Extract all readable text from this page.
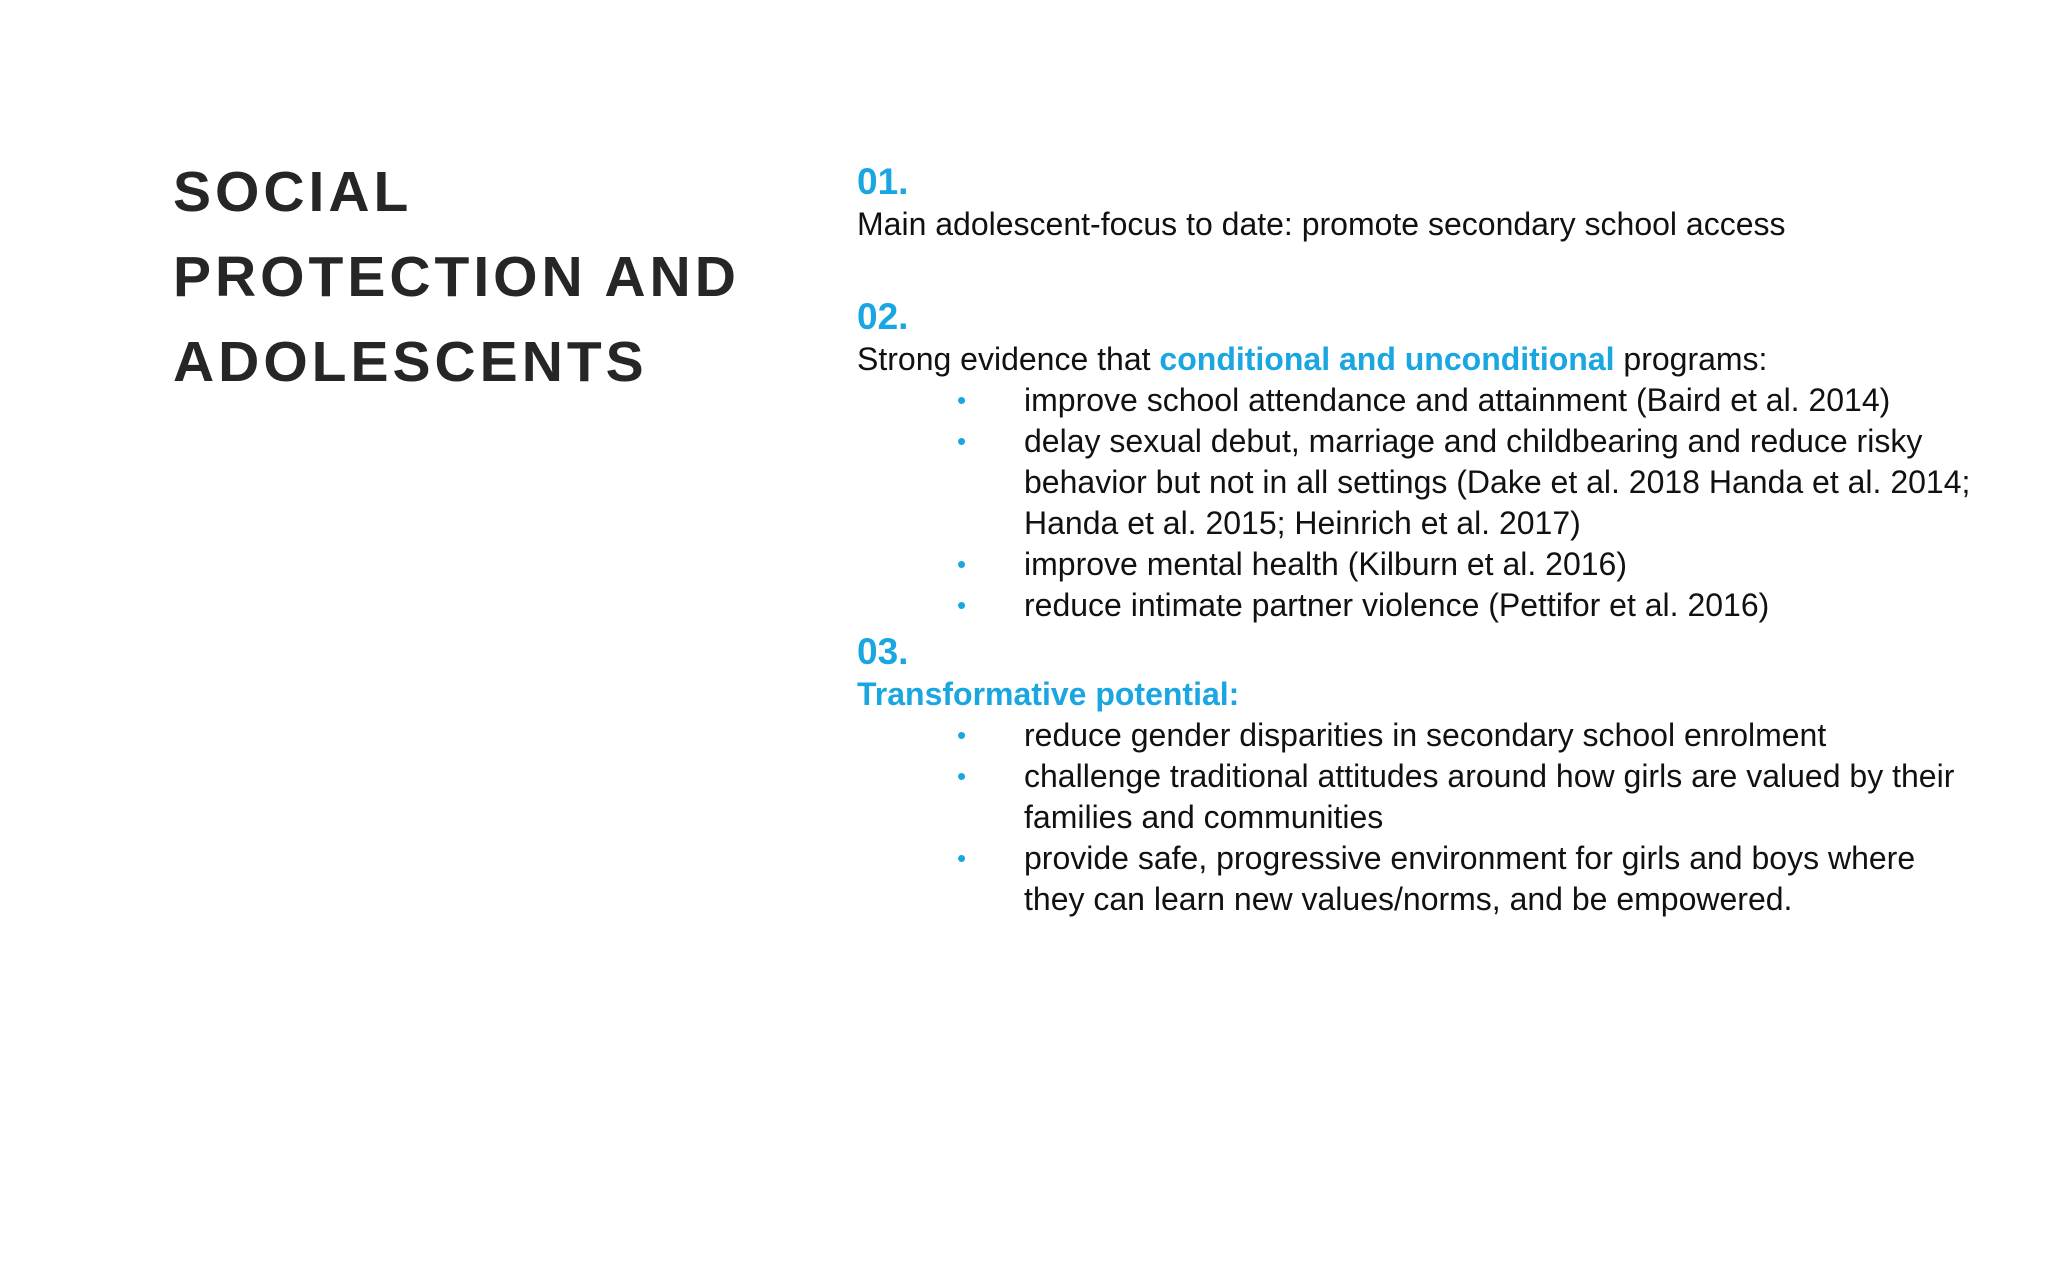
SOCIAL
PROTECTION AND
ADOLESCENTS
01.
Main adolescent-focus to date: promote secondary school access
02.
Strong evidence that conditional and unconditional programs:
• improve school attendance and attainment (Baird et al. 2014)
• delay sexual debut, marriage and childbearing and reduce risky behavior but not in all settings (Dake et al. 2018 Handa et al. 2014; Handa et al. 2015; Heinrich et al. 2017)
• improve mental health (Kilburn et al. 2016)
• reduce intimate partner violence (Pettifor et al. 2016)
03.
Transformative potential:
• reduce gender disparities in secondary school enrolment
• challenge traditional attitudes around how girls are valued by their families and communities
• provide safe, progressive environment for girls and boys where they can learn new values/norms, and be empowered.
